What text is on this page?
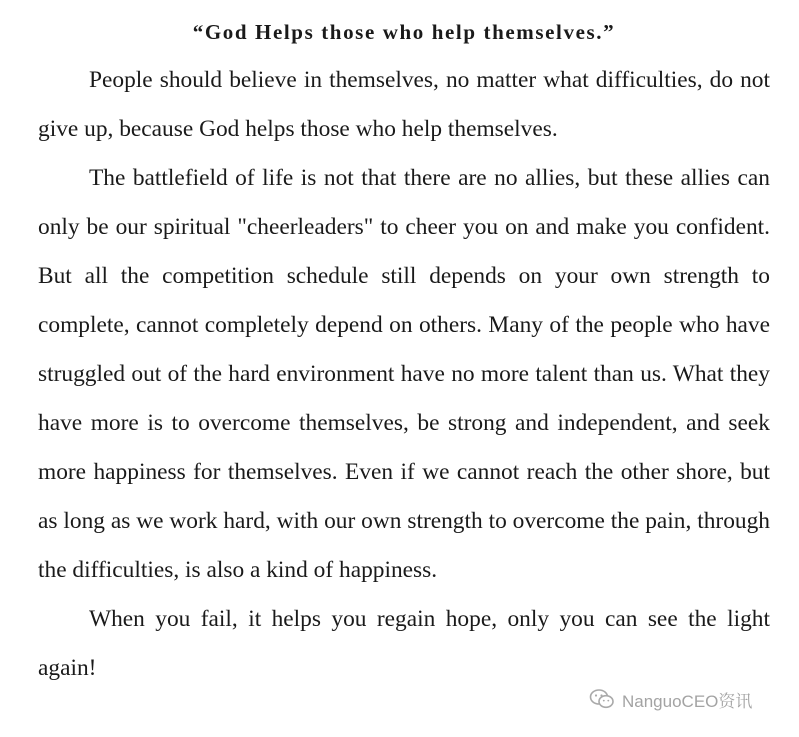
“God Helps those who help themselves.”

People should believe in themselves, no matter what difficulties, do not give up, because God helps those who help themselves.

The battlefield of life is not that there are no allies, but these allies can only be our spiritual "cheerleaders" to cheer you on and make you confident. But all the competition schedule still depends on your own strength to complete, cannot completely depend on others. Many of the people who have struggled out of the hard environment have no more talent than us. What they have more is to overcome themselves, be strong and independent, and seek more happiness for themselves. Even if we cannot reach the other shore, but as long as we work hard, with our own strength to overcome the pain, through the difficulties, is also a kind of happiness.

When you fail, it helps you regain hope, only you can see the light again!

NanguoCEO资讯
